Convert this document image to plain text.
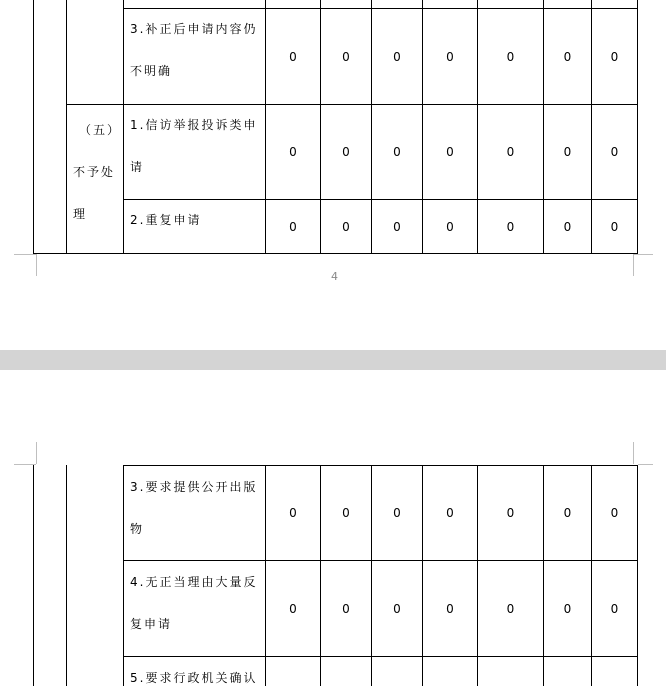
（五）
不予处
理
3.补正后申请内容仍
不明确
0	0	0	0	0	0	0
1.信访举报投诉类申
请
0	0	0	0	0	0	0
2.重复申请	0	0	0	0	0	0	0
4
3.要求提供公开出版
物
0	0	0	0	0	0	0
4.无正当理由大量反
复申请
0	0	0	0	0	0	0
5.要求行政机关确认
